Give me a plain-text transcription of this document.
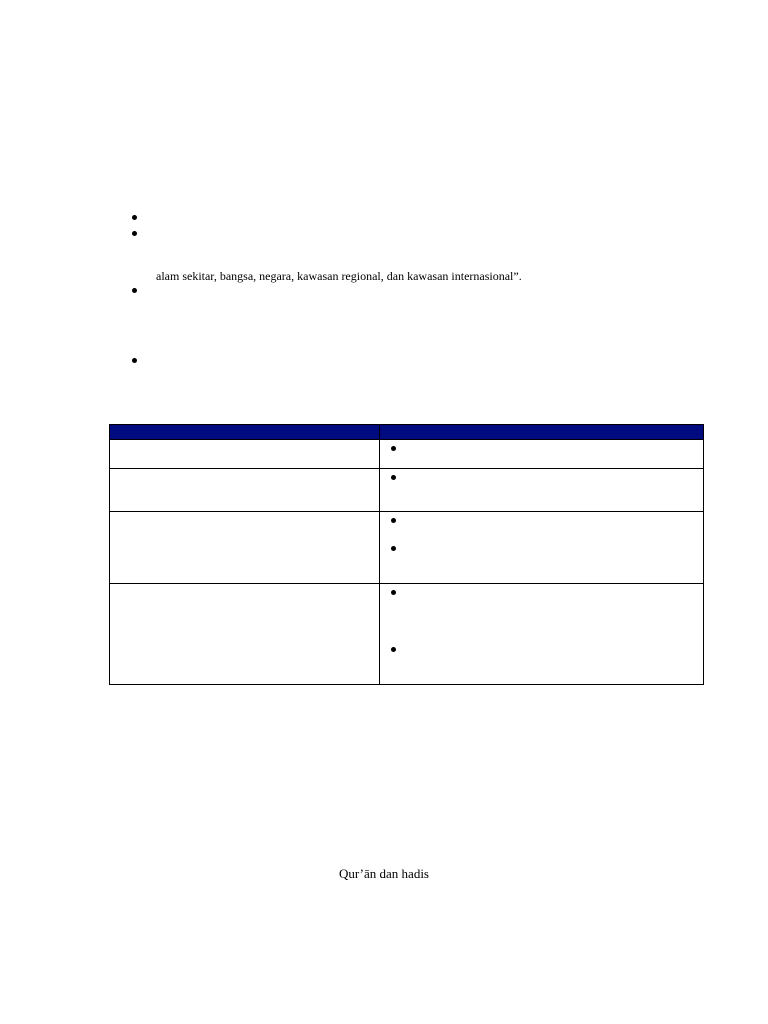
alam sekitar, bangsa, negara, kawasan regional, dan kawasan internasional”.

Qur’ān dan hadis
